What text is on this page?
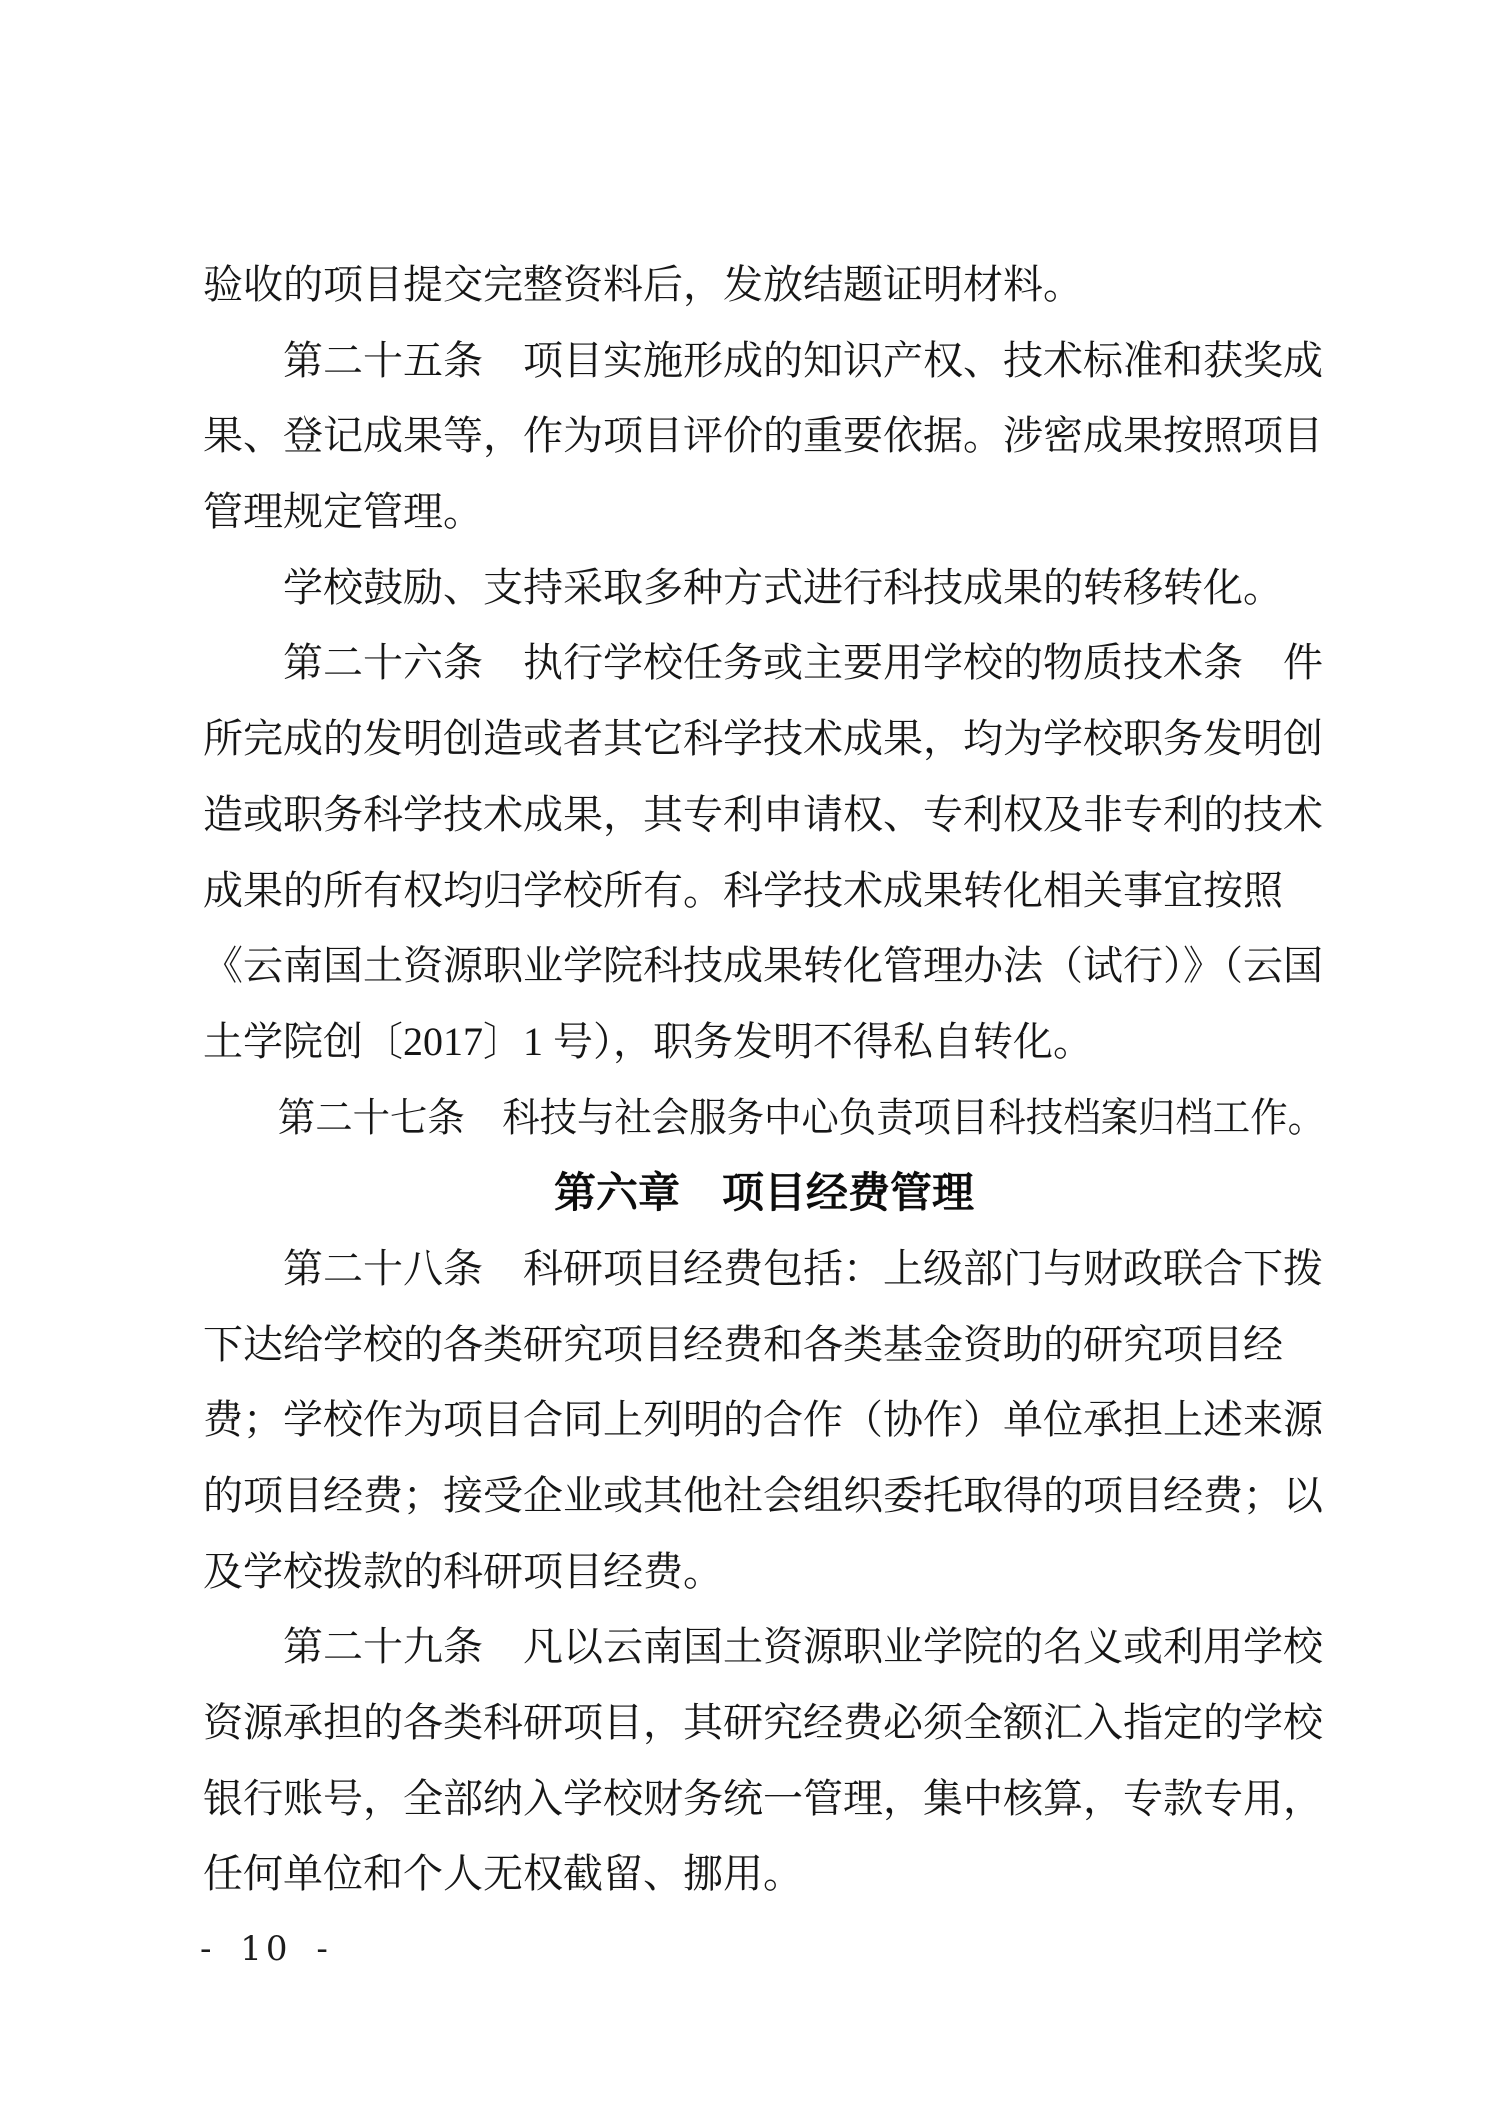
验收的项目提交完整资料后，发放结题证明材料。
第二十五条　项目实施形成的知识产权、技术标准和获奖成
果、登记成果等，作为项目评价的重要依据。涉密成果按照项目
管理规定管理。
学校鼓励、支持采取多种方式进行科技成果的转移转化。
第二十六条　执行学校任务或主要用学校的物质技术条　件
所完成的发明创造或者其它科学技术成果，均为学校职务发明创
造或职务科学技术成果，其专利申请权、专利权及非专利的技术
成果的所有权均归学校所有。科学技术成果转化相关事宜按照
《云南国土资源职业学院科技成果转化管理办法（试行）》（云国
土学院创〔2017〕1 号），职务发明不得私自转化。
第二十七条　科技与社会服务中心负责项目科技档案归档工作。
第六章　项目经费管理
第二十八条　科研项目经费包括：上级部门与财政联合下拨
下达给学校的各类研究项目经费和各类基金资助的研究项目经
费；学校作为项目合同上列明的合作（协作）单位承担上述来源
的项目经费；接受企业或其他社会组织委托取得的项目经费；以
及学校拨款的科研项目经费。
第二十九条　凡以云南国土资源职业学院的名义或利用学校
资源承担的各类科研项目，其研究经费必须全额汇入指定的学校
银行账号，全部纳入学校财务统一管理，集中核算，专款专用，
任何单位和个人无权截留、挪用。
- 10 -
